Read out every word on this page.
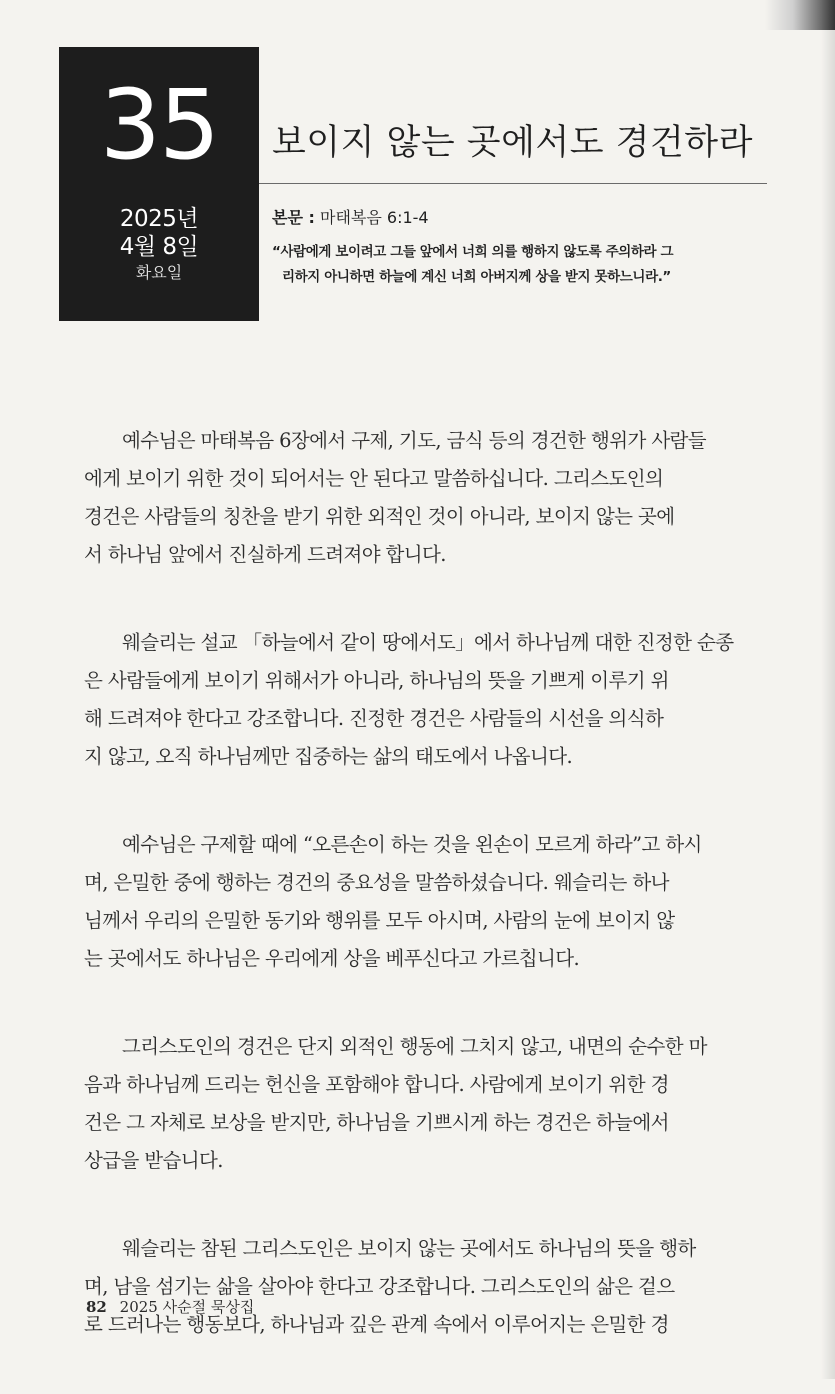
35
2025년
4월 8일
화요일
보이지 않는 곳에서도 경건하라
본문 : 마태복음 6:1-4
“사람에게 보이려고 그들 앞에서 너희 의를 행하지 않도록 주의하라 그
리하지 아니하면 하늘에 계신 너희 아버지께 상을 받지 못하느니라.”
예수님은 마태복음 6장에서 구제, 기도, 금식 등의 경건한 행위가 사람들
에게 보이기 위한 것이 되어서는 안 된다고 말씀하십니다. 그리스도인의
경건은 사람들의 칭찬을 받기 위한 외적인 것이 아니라, 보이지 않는 곳에
서 하나님 앞에서 진실하게 드려져야 합니다.
웨슬리는 설교 「하늘에서 같이 땅에서도」에서 하나님께 대한 진정한 순종
은 사람들에게 보이기 위해서가 아니라, 하나님의 뜻을 기쁘게 이루기 위
해 드려져야 한다고 강조합니다. 진정한 경건은 사람들의 시선을 의식하
지 않고, 오직 하나님께만 집중하는 삶의 태도에서 나옵니다.
예수님은 구제할 때에 “오른손이 하는 것을 왼손이 모르게 하라”고 하시
며, 은밀한 중에 행하는 경건의 중요성을 말씀하셨습니다. 웨슬리는 하나
님께서 우리의 은밀한 동기와 행위를 모두 아시며, 사람의 눈에 보이지 않
는 곳에서도 하나님은 우리에게 상을 베푸신다고 가르칩니다.
그리스도인의 경건은 단지 외적인 행동에 그치지 않고, 내면의 순수한 마
음과 하나님께 드리는 헌신을 포함해야 합니다. 사람에게 보이기 위한 경
건은 그 자체로 보상을 받지만, 하나님을 기쁘시게 하는 경건은 하늘에서
상급을 받습니다.
웨슬리는 참된 그리스도인은 보이지 않는 곳에서도 하나님의 뜻을 행하
며, 남을 섬기는 삶을 살아야 한다고 강조합니다. 그리스도인의 삶은 겉으
로 드러나는 행동보다, 하나님과 깊은 관계 속에서 이루어지는 은밀한 경
82 2025 사순절 묵상집
